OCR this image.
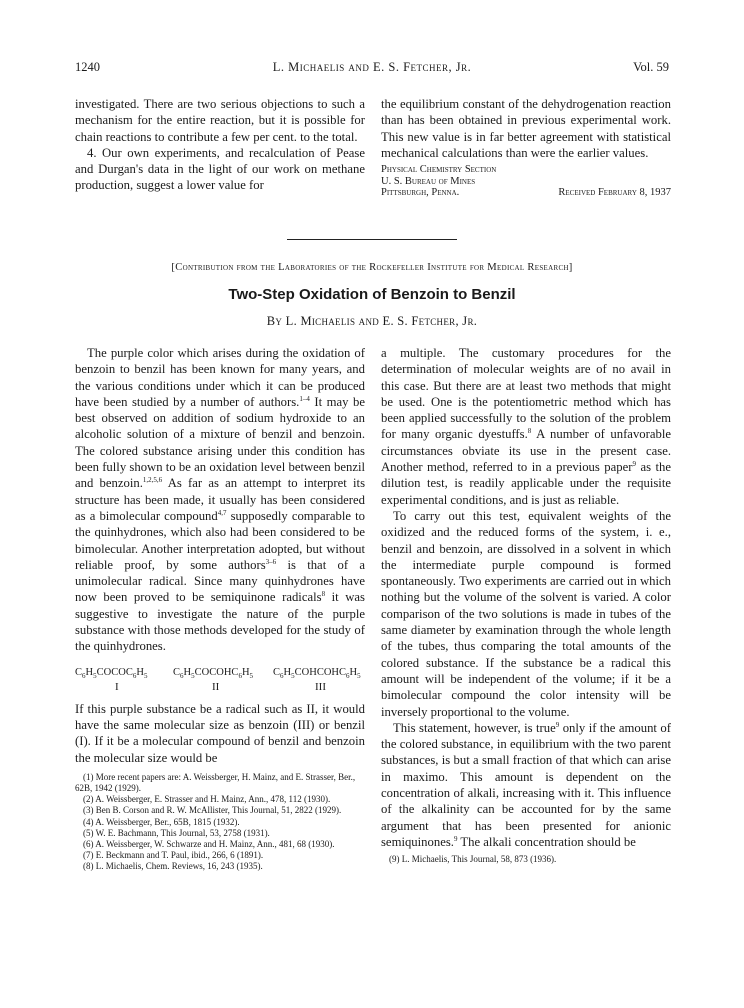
1240	L. Michaelis and E. S. Fetcher, Jr.	Vol. 59

investigated. There are two serious objections to such a mechanism for the entire reaction, but it is possible for chain reactions to contribute a few per cent. to the total.

4. Our own experiments, and recalculation of Pease and Durgan's data in the light of our work on methane production, suggest a lower value for

the equilibrium constant of the dehydrogenation reaction than has been obtained in previous experimental work. This new value is in far better agreement with statistical mechanical calculations than were the earlier values.

Physical Chemistry Section
U. S. Bureau of Mines
Pittsburgh, Penna.	Received February 8, 1937
[Contribution from the Laboratories of the Rockefeller Institute for Medical Research]
Two-Step Oxidation of Benzoin to Benzil
By L. Michaelis and E. S. Fetcher, Jr.

The purple color which arises during the oxidation of benzoin to benzil has been known for many years, and the various conditions under which it can be produced have been studied by a number of authors.$^{1-4}$ It may be best observed on addition of sodium hydroxide to an alcoholic solution of a mixture of benzil and benzoin. The colored substance arising under this condition has been fully shown to be an oxidation level between benzil and benzoin.$^{1,2,5,6}$ As far as an attempt to interpret its structure has been made, it usually has been considered as a bimolecular compound$^{4,7}$ supposedly comparable to the quinhydrones, which also had been considered to be bimolecular. Another interpretation adopted, but without reliable proof, by some authors$^{3-6}$ is that of a unimolecular radical. Since many quinhydrones have now been proved to be semiquinone radicals$^8$ it was suggestive to investigate the nature of the purple substance with those methods developed for the study of the quinhydrones.

$C_6H_5COCOC_6H_5$ $C_6H_5COCOHC_6H_5$ $C_6H_5COHCOHC_6H_5$
I	II	III

If this purple substance be a radical such as II, it would have the same molecular size as benzoin (III) or benzil (I). If it be a molecular compound of benzil and benzoin the molecular size would be

(1) More recent papers are: A. Weissberger, H. Mainz, and E. Strasser, Ber., 62B, 1942 (1929).

(2) A. Weissberger, E. Strasser and H. Mainz, Ann., 478, 112 (1930).

(3) Ben B. Corson and R. W. McAllister, This Journal, 51, 2822 (1929).

(4) A. Weissberger, Ber., 65B, 1815 (1932).

(5) W. E. Bachmann, This Journal, 53, 2758 (1931).

(6) A. Weissberger, W. Schwarze and H. Mainz, Ann., 481, 68 (1930).

(7) E. Beckmann and T. Paul, ibid., 266, 6 (1891).

(8) L. Michaelis, Chem. Reviews, 16, 243 (1935).

a multiple. The customary procedures for the determination of molecular weights are of no avail in this case. But there are at least two methods that might be used. One is the potentiometric method which has been applied successfully to the solution of the problem for many organic dyestuffs.$^8$ A number of unfavorable circumstances obviate its use in the present case. Another method, referred to in a previous paper$^9$ as the dilution test, is readily applicable under the requisite experimental conditions, and is just as reliable.

To carry out this test, equivalent weights of the oxidized and the reduced forms of the system, i. e., benzil and benzoin, are dissolved in a solvent in which the intermediate purple compound is formed spontaneously. Two experiments are carried out in which nothing but the volume of the solvent is varied. A color comparison of the two solutions is made in tubes of the same diameter by examination through the whole length of the tubes, thus comparing the total amounts of the colored substance. If the substance be a radical this amount will be independent of the volume; if it be a bimolecular compound the color intensity will be inversely proportional to the volume.

This statement, however, is true$^9$ only if the amount of the colored substance, in equilibrium with the two parent substances, is but a small fraction of that which can arise in maximo. This amount is dependent on the concentration of alkali, increasing with it. This influence of the alkalinity can be accounted for by the same argument that has been presented for anionic semiquinones.$^9$ The alkali concentration should be

(9) L. Michaelis, This Journal, 58, 873 (1936).
